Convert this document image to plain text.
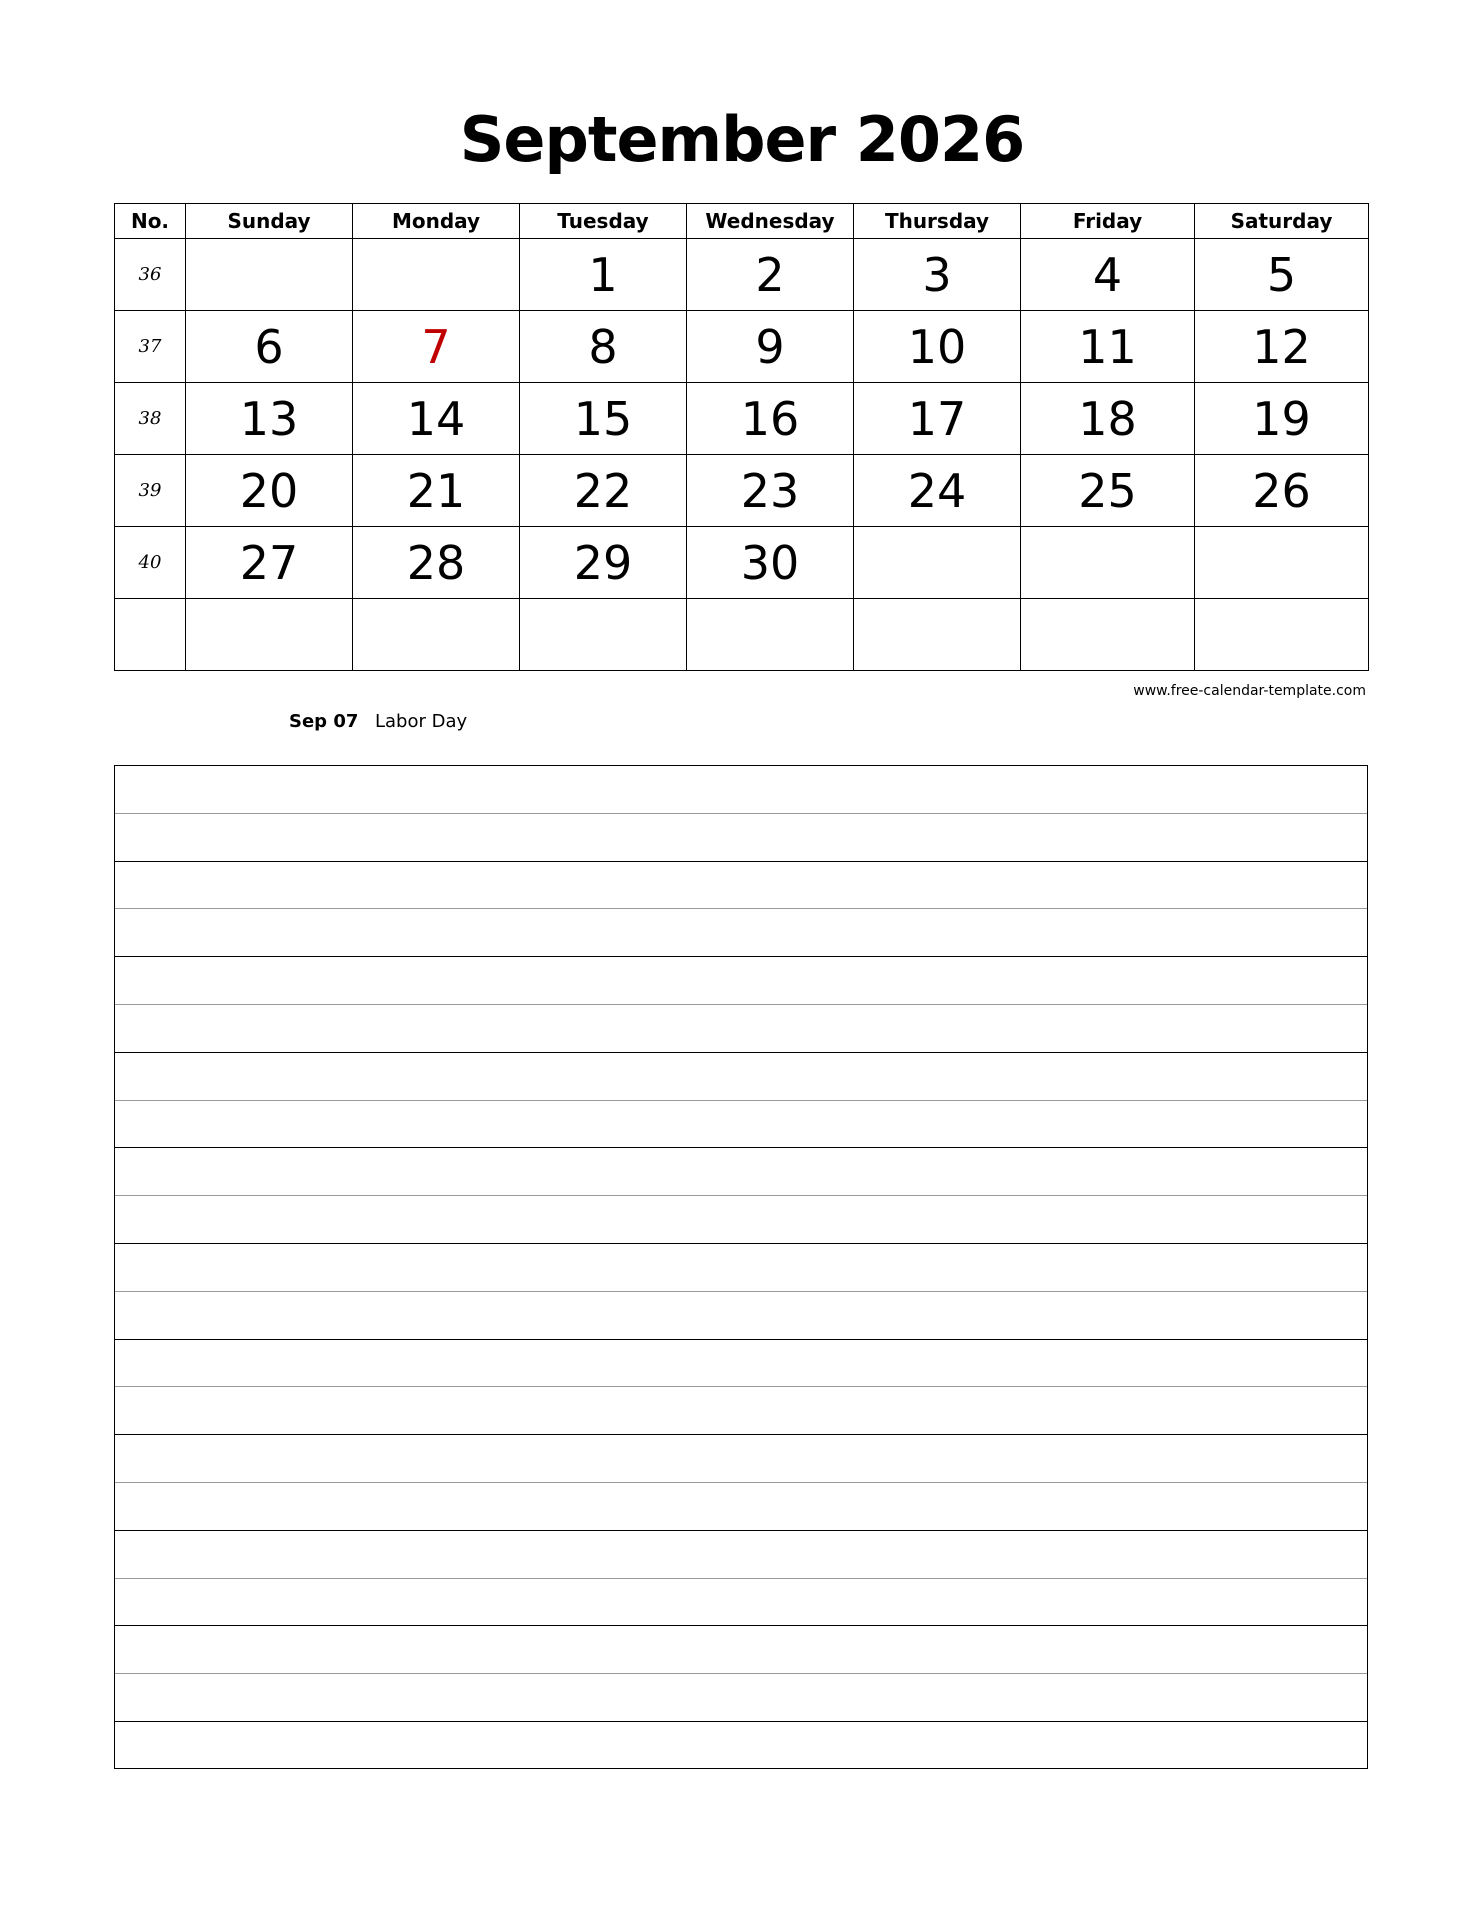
September 2026
No.	Sunday	Monday	Tuesday	Wednesday	Thursday	Friday	Saturday
36			1	2	3	4	5
37	6	7	8	9	10	11	12
38	13	14	15	16	17	18	19
39	20	21	22	23	24	25	26
40	27	28	29	30			

www.free-calendar-template.com
Sep 07 Labor Day
